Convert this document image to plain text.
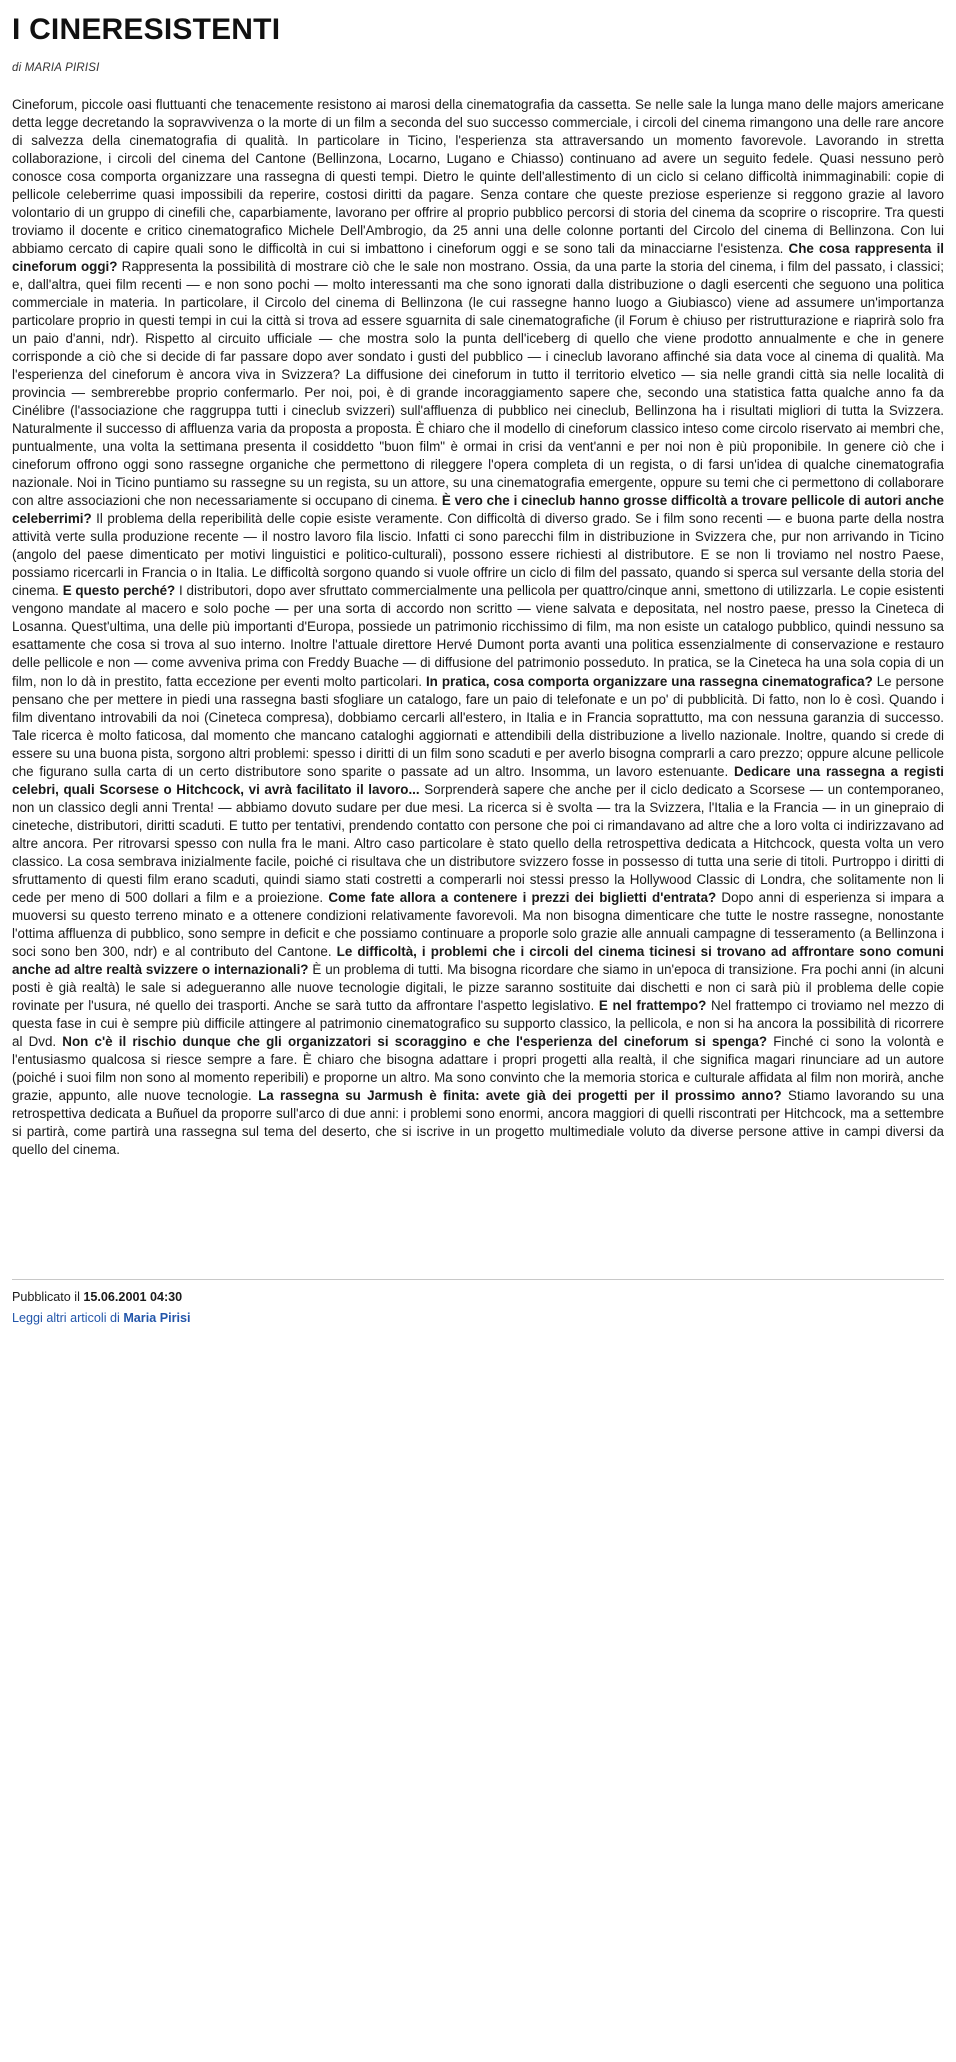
I CINERESISTENTI
di MARIA PIRISI
Cineforum, piccole oasi fluttuanti che tenacemente resistono ai marosi della cinematografia da cassetta. Se nelle sale la lunga mano delle majors americane detta legge decretando la sopravvivenza o la morte di un film a seconda del suo successo commerciale, i circoli del cinema rimangono una delle rare ancore di salvezza della cinematografia di qualità. In particolare in Ticino, l'esperienza sta attraversando un momento favorevole. Lavorando in stretta collaborazione, i circoli del cinema del Cantone (Bellinzona, Locarno, Lugano e Chiasso) continuano ad avere un seguito fedele. Quasi nessuno però conosce cosa comporta organizzare una rassegna di questi tempi. Dietro le quinte dell'allestimento di un ciclo si celano difficoltà inimmaginabili: copie di pellicole celeberrime quasi impossibili da reperire, costosi diritti da pagare. Senza contare che queste preziose esperienze si reggono grazie al lavoro volontario di un gruppo di cinefili che, caparbiamente, lavorano per offrire al proprio pubblico percorsi di storia del cinema da scoprire o riscoprire. Tra questi troviamo il docente e critico cinematografico Michele Dell'Ambrogio, da 25 anni una delle colonne portanti del Circolo del cinema di Bellinzona. Con lui abbiamo cercato di capire quali sono le difficoltà in cui si imbattono i cineforum oggi e se sono tali da minacciarne l'esistenza. Che cosa rappresenta il cineforum oggi? Rappresenta la possibilità di mostrare ciò che le sale non mostrano. Ossia, da una parte la storia del cinema, i film del passato, i classici; e, dall'altra, quei film recenti — e non sono pochi — molto interessanti ma che sono ignorati dalla distribuzione o dagli esercenti che seguono una politica commerciale in materia. In particolare, il Circolo del cinema di Bellinzona (le cui rassegne hanno luogo a Giubiasco) viene ad assumere un'importanza particolare proprio in questi tempi in cui la città si trova ad essere sguarnita di sale cinematografiche (il Forum è chiuso per ristrutturazione e riaprirà solo fra un paio d'anni, ndr). Rispetto al circuito ufficiale — che mostra solo la punta dell'iceberg di quello che viene prodotto annualmente e che in genere corrisponde a ciò che si decide di far passare dopo aver sondato i gusti del pubblico — i cineclub lavorano affinché sia data voce al cinema di qualità. Ma l'esperienza del cineforum è ancora viva in Svizzera? La diffusione dei cineforum in tutto il territorio elvetico — sia nelle grandi città sia nelle località di provincia — sembrerebbe proprio confermarlo. Per noi, poi, è di grande incoraggiamento sapere che, secondo una statistica fatta qualche anno fa da Cinélibre (l'associazione che raggruppa tutti i cineclub svizzeri) sull'affluenza di pubblico nei cineclub, Bellinzona ha i risultati migliori di tutta la Svizzera. Naturalmente il successo di affluenza varia da proposta a proposta. È chiaro che il modello di cineforum classico inteso come circolo riservato ai membri che, puntualmente, una volta la settimana presenta il cosiddetto "buon film" è ormai in crisi da vent'anni e per noi non è più proponibile. In genere ciò che i cineforum offrono oggi sono rassegne organiche che permettono di rileggere l'opera completa di un regista, o di farsi un'idea di qualche cinematografia nazionale. Noi in Ticino puntiamo su rassegne su un regista, su un attore, su una cinematografia emergente, oppure su temi che ci permettono di collaborare con altre associazioni che non necessariamente si occupano di cinema. È vero che i cineclub hanno grosse difficoltà a trovare pellicole di autori anche celeberrimi? Il problema della reperibilità delle copie esiste veramente. Con difficoltà di diverso grado. Se i film sono recenti — e buona parte della nostra attività verte sulla produzione recente — il nostro lavoro fila liscio. Infatti ci sono parecchi film in distribuzione in Svizzera che, pur non arrivando in Ticino (angolo del paese dimenticato per motivi linguistici e politico-culturali), possono essere richiesti al distributore. E se non li troviamo nel nostro Paese, possiamo ricercarli in Francia o in Italia. Le difficoltà sorgono quando si vuole offrire un ciclo di film del passato, quando si sperca sul versante della storia del cinema. E questo perché? I distributori, dopo aver sfruttato commercialmente una pellicola per quattro/cinque anni, smettono di utilizzarla. Le copie esistenti vengono mandate al macero e solo poche — per una sorta di accordo non scritto — viene salvata e depositata, nel nostro paese, presso la Cineteca di Losanna. Quest'ultima, una delle più importanti d'Europa, possiede un patrimonio ricchissimo di film, ma non esiste un catalogo pubblico, quindi nessuno sa esattamente che cosa si trova al suo interno. Inoltre l'attuale direttore Hervé Dumont porta avanti una politica essenzialmente di conservazione e restauro delle pellicole e non — come avveniva prima con Freddy Buache — di diffusione del patrimonio posseduto. In pratica, se la Cineteca ha una sola copia di un film, non lo dà in prestito, fatta eccezione per eventi molto particolari. In pratica, cosa comporta organizzare una rassegna cinematografica? Le persone pensano che per mettere in piedi una rassegna basti sfogliare un catalogo, fare un paio di telefonate e un po' di pubblicità. Di fatto, non lo è così. Quando i film diventano introvabili da noi (Cineteca compresa), dobbiamo cercarli all'estero, in Italia e in Francia soprattutto, ma con nessuna garanzia di successo. Tale ricerca è molto faticosa, dal momento che mancano cataloghi aggiornati e attendibili della distribuzione a livello nazionale. Inoltre, quando si crede di essere su una buona pista, sorgono altri problemi: spesso i diritti di un film sono scaduti e per averlo bisogna comprarli a caro prezzo; oppure alcune pellicole che figurano sulla carta di un certo distributore sono sparite o passate ad un altro. Insomma, un lavoro estenuante. Dedicare una rassegna a registi celebri, quali Scorsese o Hitchcock, vi avrà facilitato il lavoro... Sorprenderà sapere che anche per il ciclo dedicato a Scorsese — un contemporaneo, non un classico degli anni Trenta! — abbiamo dovuto sudare per due mesi. La ricerca si è svolta — tra la Svizzera, l'Italia e la Francia — in un ginepraio di cineteche, distributori, diritti scaduti. E tutto per tentativi, prendendo contatto con persone che poi ci rimandavano ad altre che a loro volta ci indirizzavano ad altre ancora. Per ritrovarsi spesso con nulla fra le mani. Altro caso particolare è stato quello della retrospettiva dedicata a Hitchcock, questa volta un vero classico. La cosa sembrava inizialmente facile, poiché ci risultava che un distributore svizzero fosse in possesso di tutta una serie di titoli. Purtroppo i diritti di sfruttamento di questi film erano scaduti, quindi siamo stati costretti a comperarli noi stessi presso la Hollywood Classic di Londra, che solitamente non li cede per meno di 500 dollari a film e a proiezione. Come fate allora a contenere i prezzi dei biglietti d'entrata? Dopo anni di esperienza si impara a muoversi su questo terreno minato e a ottenere condizioni relativamente favorevoli. Ma non bisogna dimenticare che tutte le nostre rassegne, nonostante l'ottima affluenza di pubblico, sono sempre in deficit e che possiamo continuare a proporle solo grazie alle annuali campagne di tesseramento (a Bellinzona i soci sono ben 300, ndr) e al contributo del Cantone. Le difficoltà, i problemi che i circoli del cinema ticinesi si trovano ad affrontare sono comuni anche ad altre realtà svizzere o internazionali? È un problema di tutti. Ma bisogna ricordare che siamo in un'epoca di transizione. Fra pochi anni (in alcuni posti è già realtà) le sale si adegueranno alle nuove tecnologie digitali, le pizze saranno sostituite dai dischetti e non ci sarà più il problema delle copie rovinate per l'usura, né quello dei trasporti. Anche se sarà tutto da affrontare l'aspetto legislativo. E nel frattempo? Nel frattempo ci troviamo nel mezzo di questa fase in cui è sempre più difficile attingere al patrimonio cinematografico su supporto classico, la pellicola, e non si ha ancora la possibilità di ricorrere al Dvd. Non c'è il rischio dunque che gli organizzatori si scoraggino e che l'esperienza del cineforum si spenga? Finché ci sono la volontà e l'entusiasmo qualcosa si riesce sempre a fare. È chiaro che bisogna adattare i propri progetti alla realtà, il che significa magari rinunciare ad un autore (poiché i suoi film non sono al momento reperibili) e proporne un altro. Ma sono convinto che la memoria storica e culturale affidata al film non morirà, anche grazie, appunto, alle nuove tecnologie. La rassegna su Jarmush è finita: avete già dei progetti per il prossimo anno? Stiamo lavorando su una retrospettiva dedicata a Buñuel da proporre sull'arco di due anni: i problemi sono enormi, ancora maggiori di quelli riscontrati per Hitchcock, ma a settembre si partirà, come partirà una rassegna sul tema del deserto, che si iscrive in un progetto multimediale voluto da diverse persone attive in campi diversi da quello del cinema.
Pubblicato il 15.06.2001 04:30
Leggi altri articoli di Maria Pirisi
